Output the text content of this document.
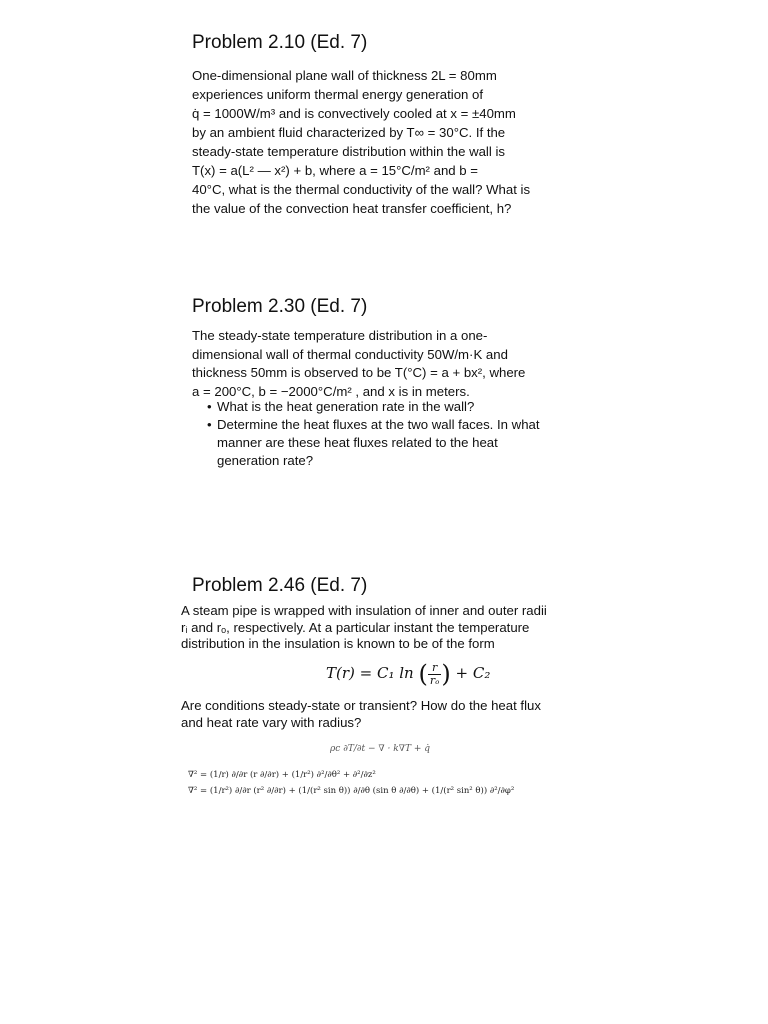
Problem 2.10 (Ed. 7)
One-dimensional plane wall of thickness 2L = 80mm
experiences uniform thermal energy generation of
q̇ = 1000W/m³ and is convectively cooled at x = ±40mm
by an ambient fluid characterized by T∞ = 30°C. If the
steady-state temperature distribution within the wall is
T(x) = a(L² — x²) + b, where a = 15°C/m² and b =
40°C, what is the thermal conductivity of the wall? What is
the value of the convection heat transfer coefficient, h?
Problem 2.30 (Ed. 7)
The steady-state temperature distribution in a one-
dimensional wall of thermal conductivity 50W/m·K and
thickness 50mm is observed to be T(°C) = a + bx², where
a = 200°C, b = −2000°C/m² , and x is in meters.
• What is the heat generation rate in the wall?
• Determine the heat fluxes at the two wall faces. In what
manner are these heat fluxes related to the heat
generation rate?
Problem 2.46 (Ed. 7)
A steam pipe is wrapped with insulation of inner and outer radii
rᵢ and rₒ, respectively. At a particular instant the temperature
distribution in the insulation is known to be of the form
T(r) = C₁ ln ( $\frac{r}{\text{rₒ}}$ ) + C₂
Are conditions steady-state or transient? How do the heat flux
and heat rate vary with radius?
ρc ∂T/∂t − ∇ · k∇T + q̇
∇² = (1/r) ∂/∂r (r ∂/∂r) + (1/r²) ∂²/∂θ² + ∂²/∂z²
∇² = (1/r²) ∂/∂r (r² ∂/∂r) + (1/(r² sin θ)) ∂/∂θ (sin θ ∂/∂θ) + (1/(r² sin² θ)) ∂²/∂φ²
